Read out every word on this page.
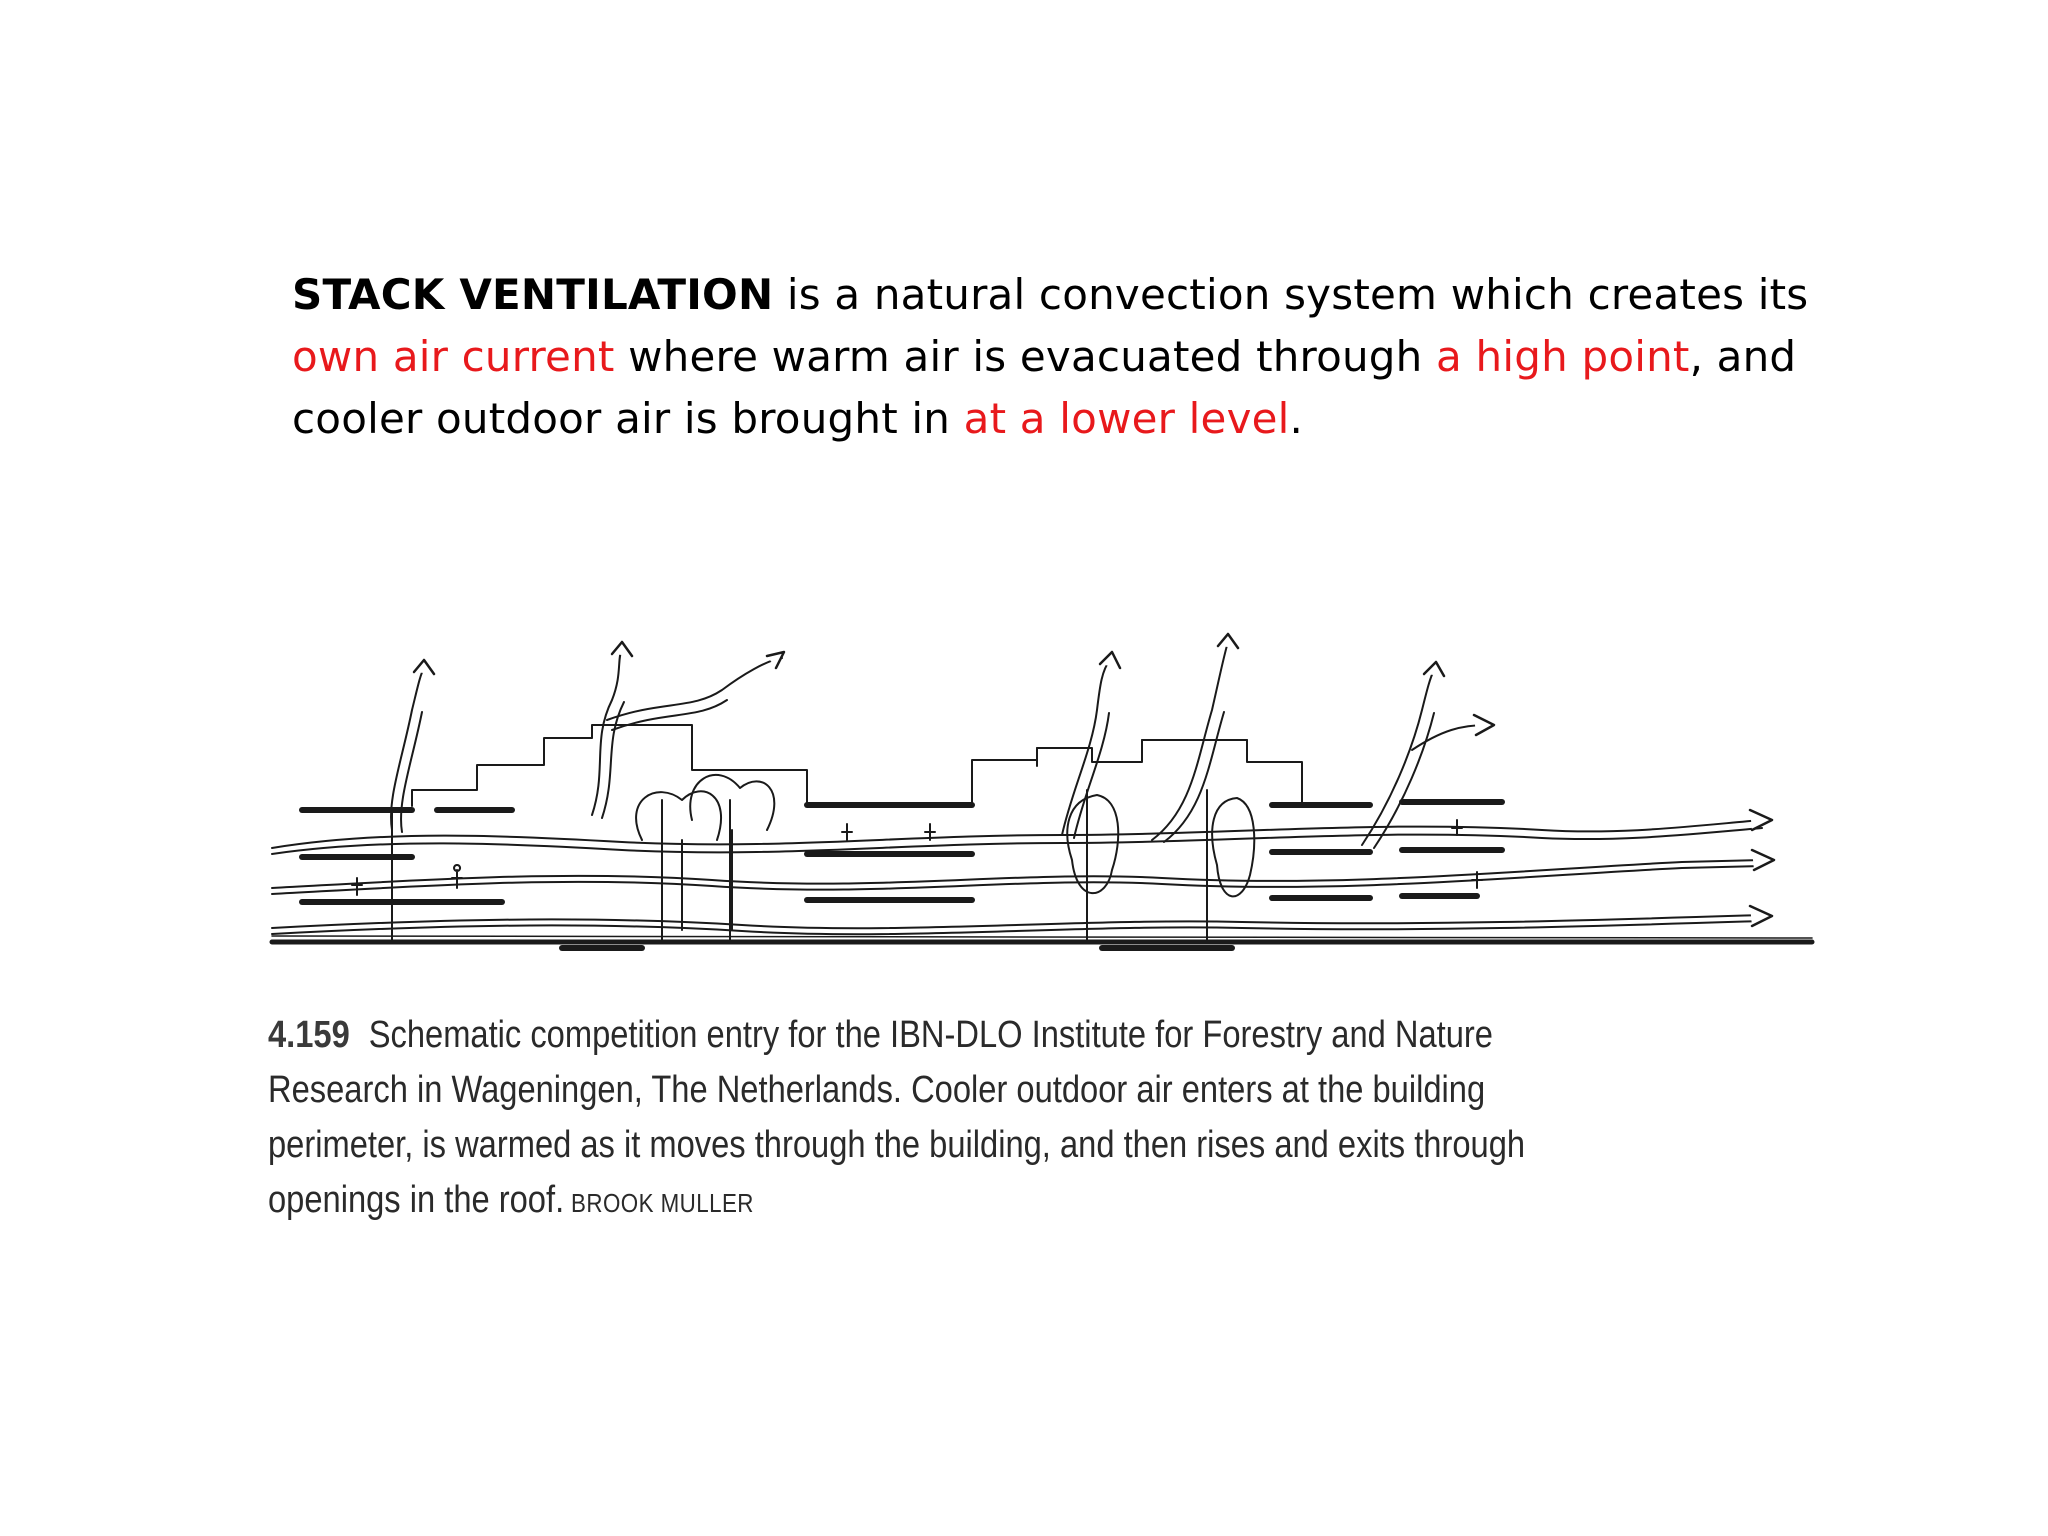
STACK VENTILATION is a natural convection system which creates its own air current where warm air is evacuated through a high point, and cooler outdoor air is brought in at a lower level.

4.159 Schematic competition entry for the IBN-DLO Institute for Forestry and Nature
Research in Wageningen, The Netherlands. Cooler outdoor air enters at the building
perimeter, is warmed as it moves through the building, and then rises and exits through
openings in the roof. BROOK MULLER
